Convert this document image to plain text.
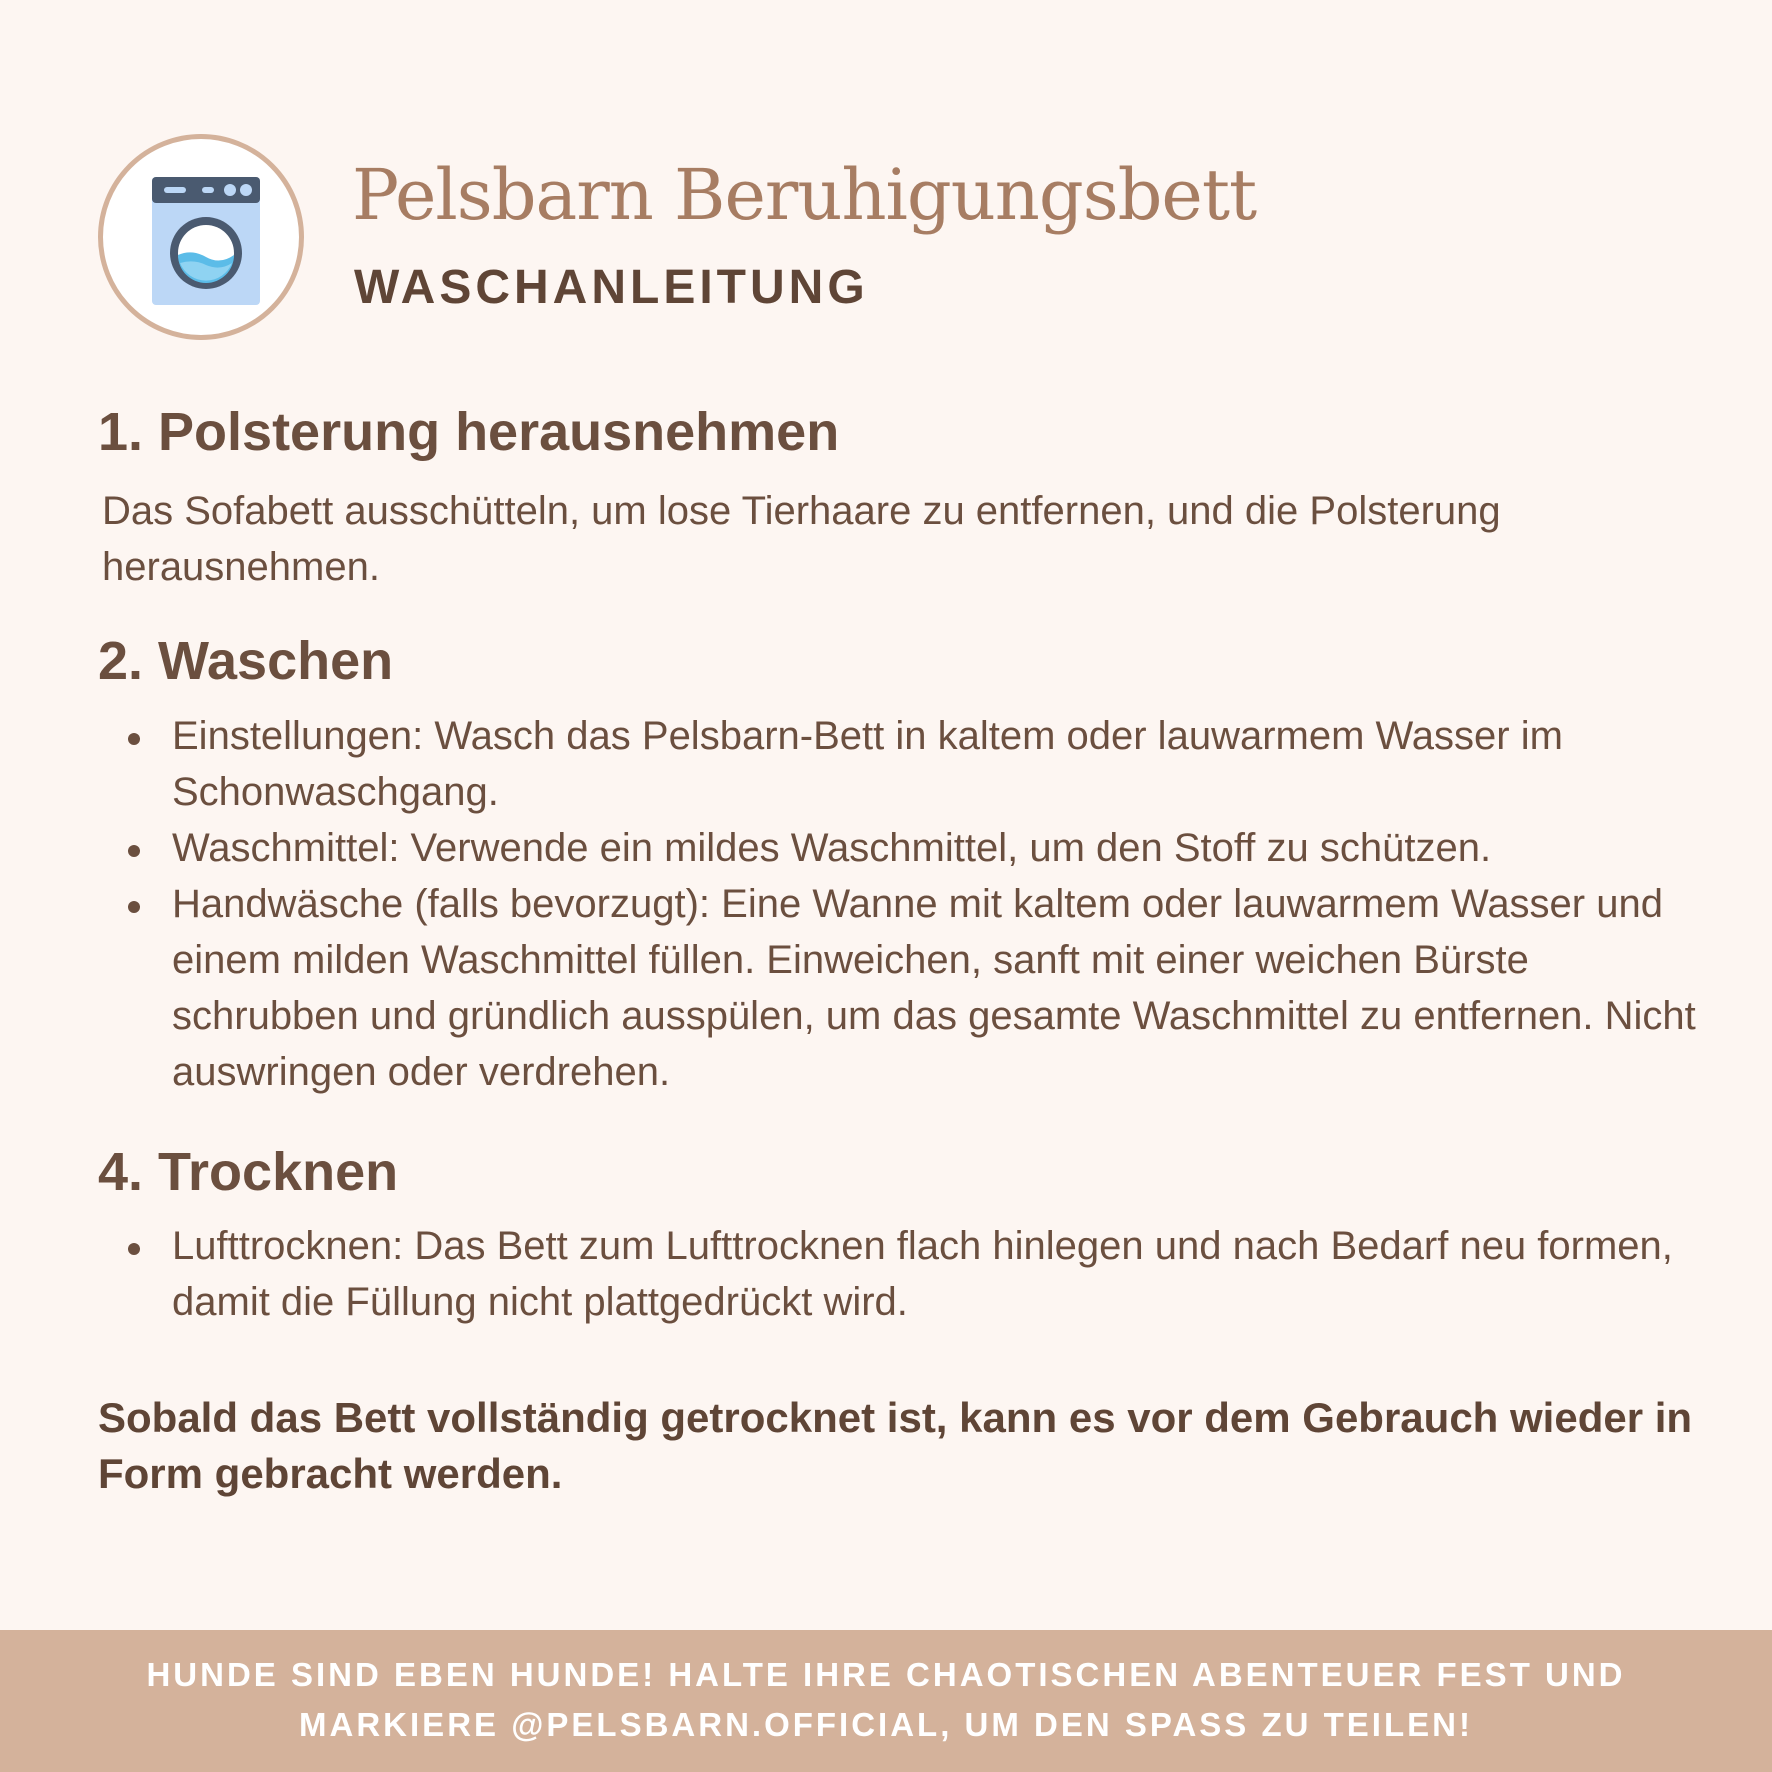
Pelsbarn Beruhigungsbett
WASCHANLEITUNG
1. Polsterung herausnehmen

Das Sofabett ausschütteln, um lose Tierhaare zu entfernen, und die Polsterung herausnehmen.

2. Waschen
Einstellungen: Wasch das Pelsbarn-Bett in kaltem oder lauwarmem Wasser im Schonwaschgang.
Waschmittel: Verwende ein mildes Waschmittel, um den Stoff zu schützen.
Handwäsche (falls bevorzugt): Eine Wanne mit kaltem oder lauwarmem Wasser und einem milden Waschmittel füllen. Einweichen, sanft mit einer weichen Bürste schrubben und gründlich ausspülen, um das gesamte Waschmittel zu entfernen. Nicht auswringen oder verdrehen.
4. Trocknen
Lufttrocknen: Das Bett zum Lufttrocknen flach hinlegen und nach Bedarf neu formen, damit die Füllung nicht plattgedrückt wird.

Sobald das Bett vollständig getrocknet ist, kann es vor dem Gebrauch wieder in Form gebracht werden.

HUNDE SIND EBEN HUNDE! HALTE IHRE CHAOTISCHEN ABENTEUER FEST UND

MARKIERE @PELSBARN.OFFICIAL, UM DEN SPASS ZU TEILEN!
